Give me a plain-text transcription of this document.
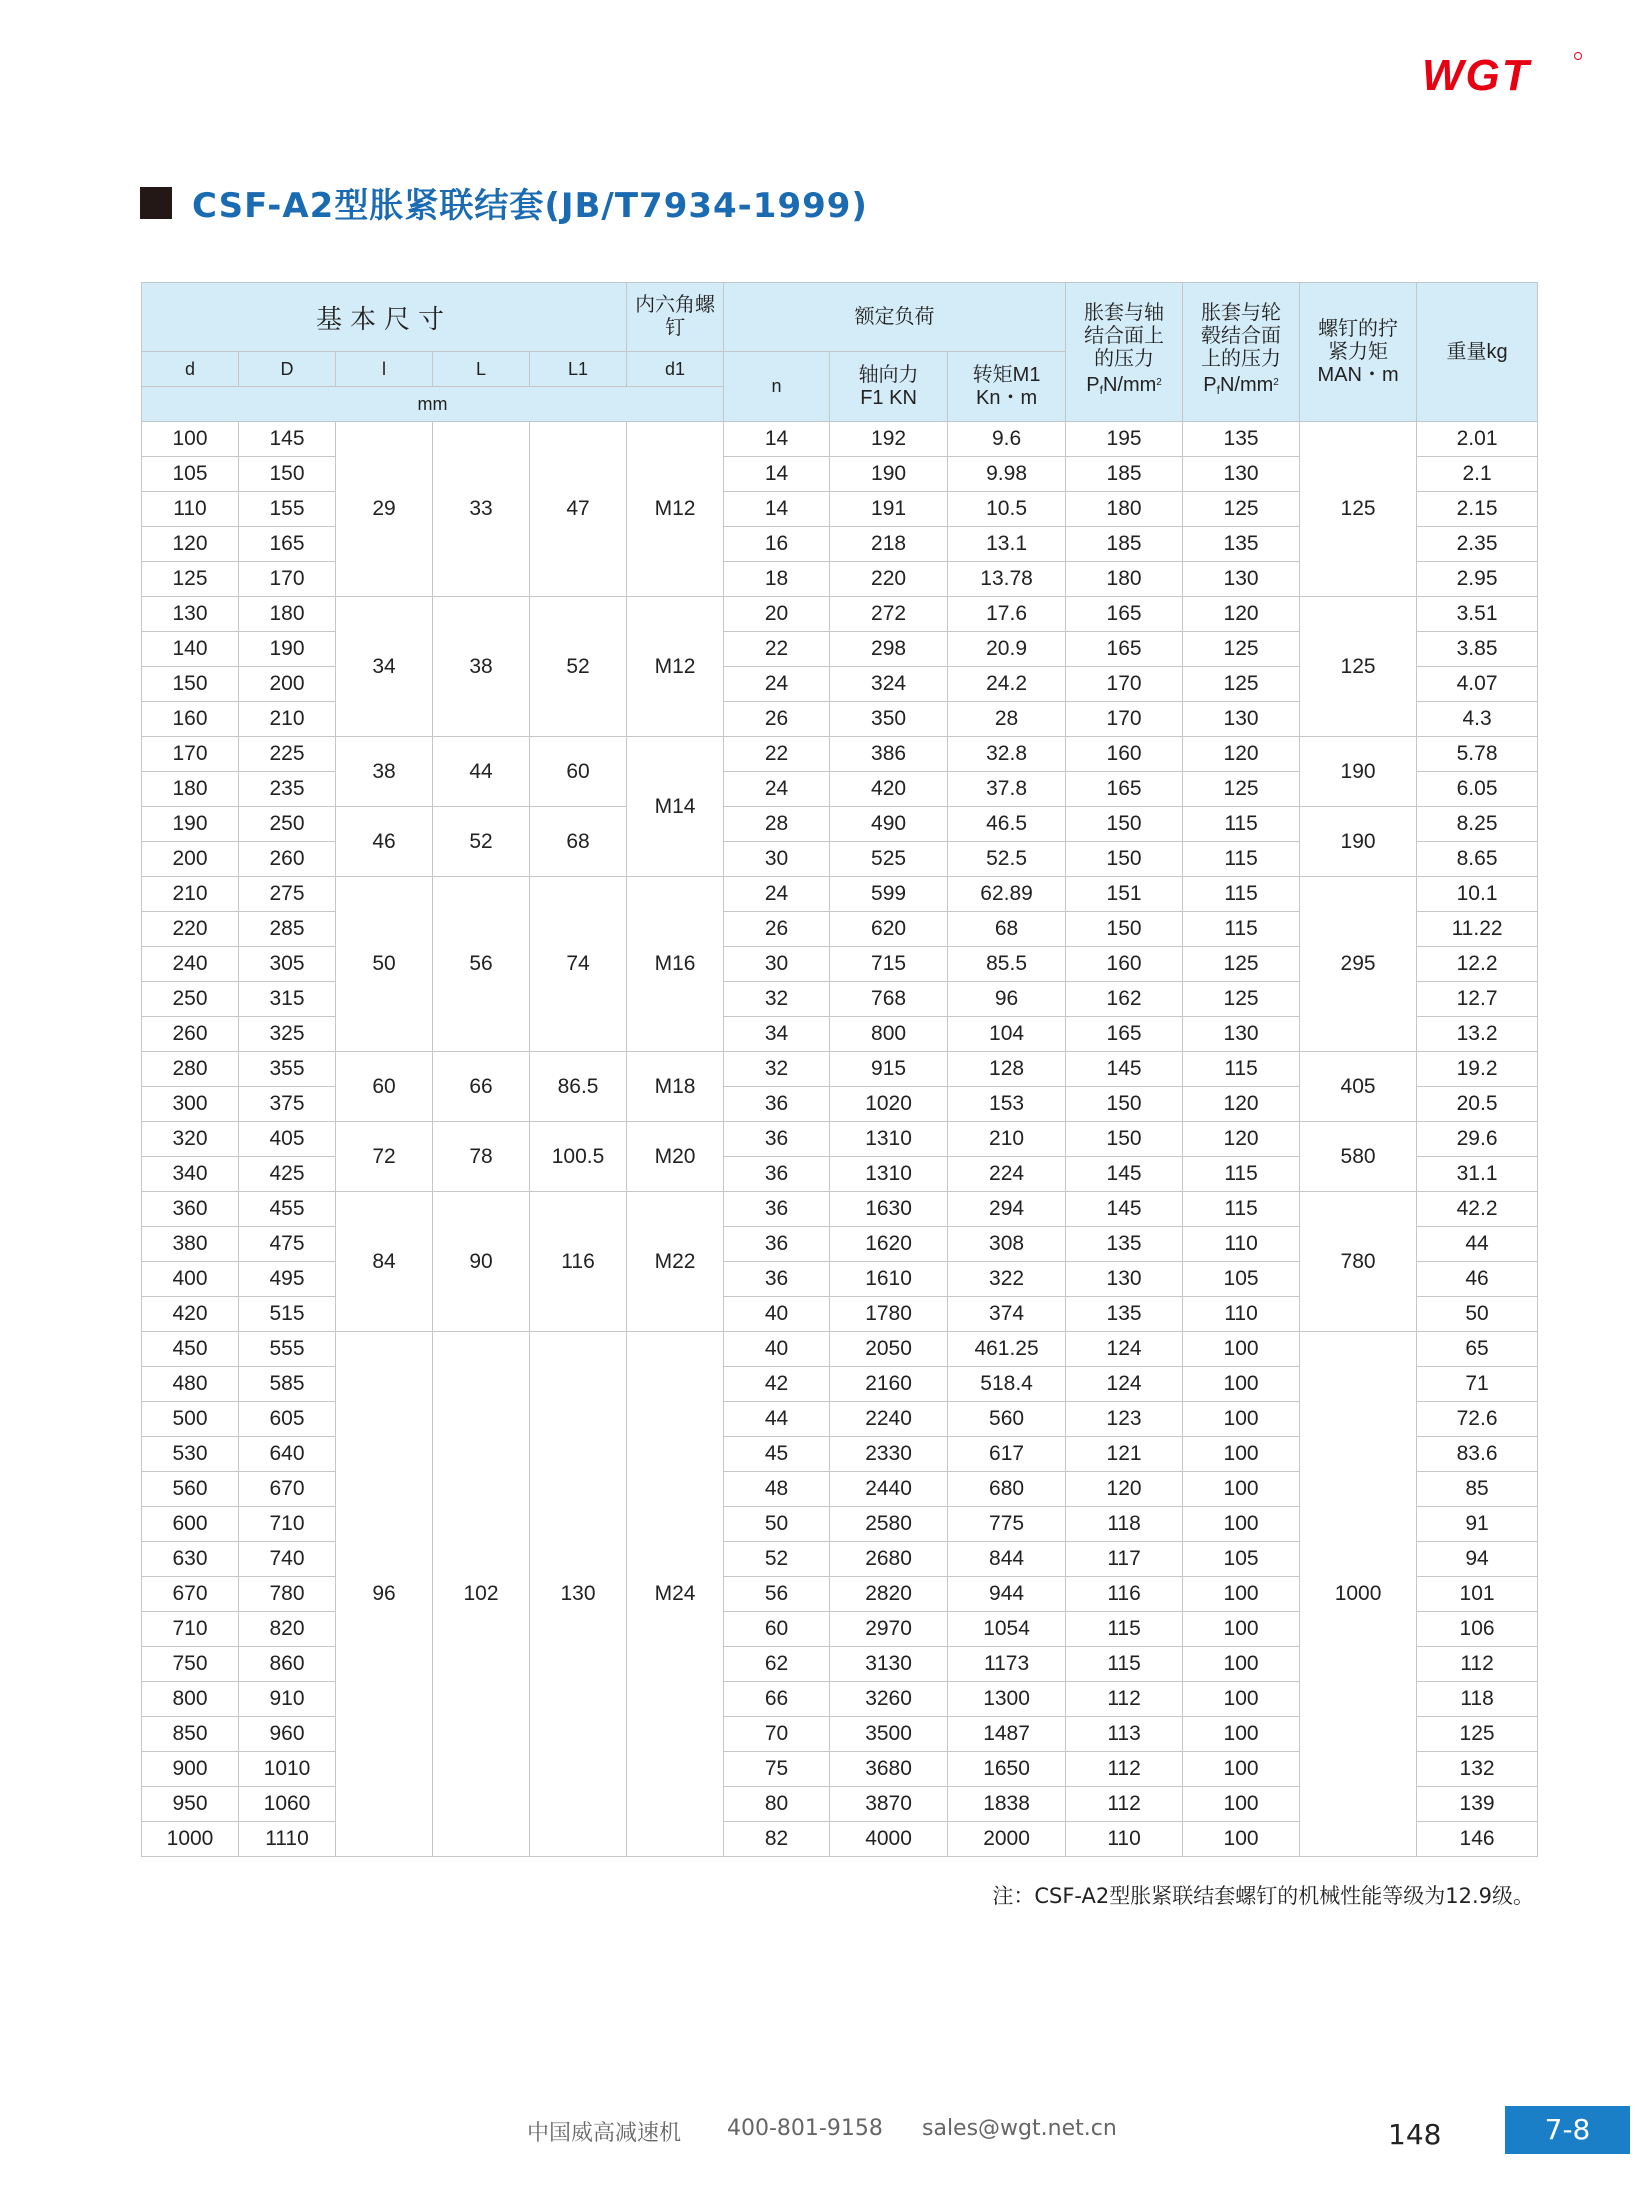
WGT
CSF-A2型胀紧联结套(JB/T7934-1999)
基本尺寸					内六角螺钉	额定负荷			胀套与轴
结合面上
的压力
$P_fN/mm^2$	胀套与轮
毂结合面
上的压力
$P_fN/mm^2$	螺钉的拧
紧力矩
MAN・m	重量kg
d	D	l	L	L1	d1	n	轴向力
F1 KN	转矩M1
Kn・m				
mm												
100	145	29	33	47	M12	14	192	9.6	195	135	125	2.01
105	150					14	190	9.98	185	130		2.1
110	155					14	191	10.5	180	125		2.15
120	165					16	218	13.1	185	135		2.35
125	170					18	220	13.78	180	130		2.95
130	180	34	38	52	M12	20	272	17.6	165	120	125	3.51
140	190					22	298	20.9	165	125		3.85
150	200					24	324	24.2	170	125		4.07
160	210					26	350	28	170	130		4.3
170	225	38	44	60	M14	22	386	32.8	160	120	190	5.78
180	235					24	420	37.8	165	125		6.05
190	250	46	52	68		28	490	46.5	150	115	190	8.25
200	260					30	525	52.5	150	115		8.65
210	275	50	56	74	M16	24	599	62.89	151	115	295	10.1
220	285					26	620	68	150	115		11.22
240	305					30	715	85.5	160	125		12.2
250	315					32	768	96	162	125		12.7
260	325					34	800	104	165	130		13.2
280	355	60	66	86.5	M18	32	915	128	145	115	405	19.2
300	375					36	1020	153	150	120		20.5
320	405	72	78	100.5	M20	36	1310	210	150	120	580	29.6
340	425					36	1310	224	145	115		31.1
360	455	84	90	116	M22	36	1630	294	145	115	780	42.2
380	475					36	1620	308	135	110		44
400	495					36	1610	322	130	105		46
420	515					40	1780	374	135	110		50
450	555	96	102	130	M24	40	2050	461.25	124	100	1000	65
480	585					42	2160	518.4	124	100		71
500	605					44	2240	560	123	100		72.6
530	640					45	2330	617	121	100		83.6
560	670					48	2440	680	120	100		85
600	710					50	2580	775	118	100		91
630	740					52	2680	844	117	105		94
670	780					56	2820	944	116	100		101
710	820					60	2970	1054	115	100		106
750	860					62	3130	1173	115	100		112
800	910					66	3260	1300	112	100		118
850	960					70	3500	1487	113	100		125
900	1010					75	3680	1650	112	100		132
950	1060					80	3870	1838	112	100		139
1000	1110					82	4000	2000	110	100		146
注：CSF-A2型胀紧联结套螺钉的机械性能等级为12.9级。
中国威高减速机 400-801-9158 sales@wgt.net.cn	148	7-8
